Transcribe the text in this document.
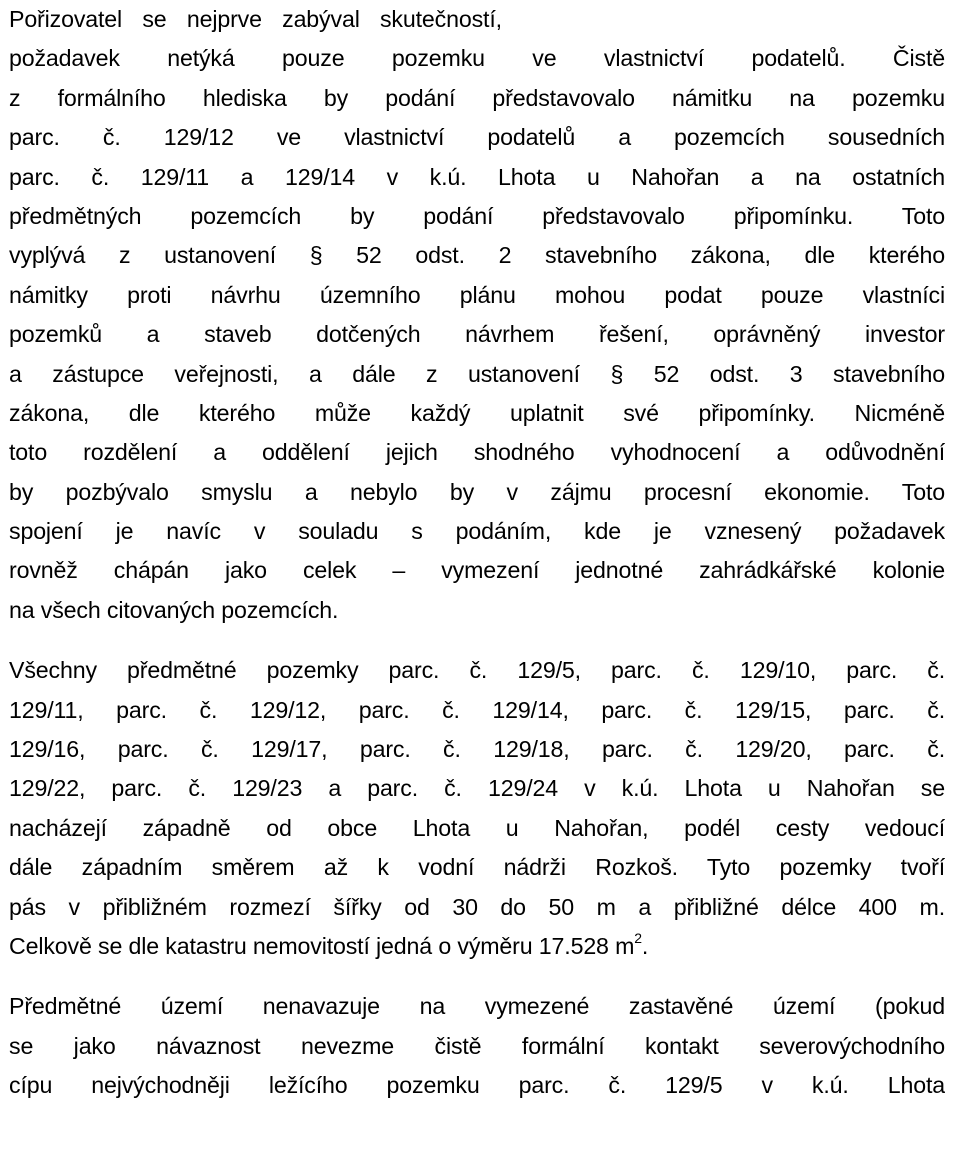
Pořizovatel se nejprve zabýval skutečností,
požadavek netýká pouze pozemku ve vlastnictví podatelů. Čistě
z formálního hlediska by podání představovalo námitku na pozemku
parc. č. 129/12 ve vlastnictví podatelů a pozemcích sousedních
parc. č. 129/11 a 129/14 v k.ú. Lhota u Nahořan a na ostatních
předmětných pozemcích by podání představovalo připomínku. Toto
vyplývá z ustanovení § 52 odst. 2 stavebního zákona, dle kterého
námitky proti návrhu územního plánu mohou podat pouze vlastníci
pozemků a staveb dotčených návrhem řešení, oprávněný investor
a zástupce veřejnosti, a dále z ustanovení § 52 odst. 3 stavebního
zákona, dle kterého může každý uplatnit své připomínky. Nicméně
toto rozdělení a oddělení jejich shodného vyhodnocení a odůvodnění
by pozbývalo smyslu a nebylo by v zájmu procesní ekonomie. Toto
spojení je navíc v souladu s podáním, kde je vznesený požadavek
rovněž chápán jako celek – vymezení jednotné zahrádkářské kolonie
na všech citovaných pozemcích.
Všechny předmětné pozemky parc. č. 129/5, parc. č. 129/10, parc. č.
129/11, parc. č. 129/12, parc. č. 129/14, parc. č. 129/15, parc. č.
129/16, parc. č. 129/17, parc. č. 129/18, parc. č. 129/20, parc. č.
129/22, parc. č. 129/23 a parc. č. 129/24 v k.ú. Lhota u Nahořan se
nacházejí západně od obce Lhota u Nahořan, podél cesty vedoucí
dále západním směrem až k vodní nádrži Rozkoš. Tyto pozemky tvoří
pás v přibližném rozmezí šířky od 30 do 50 m a přibližné délce 400 m.
Celkově se dle katastru nemovitostí jedná o výměru 17.528 $m^2$.
Předmětné území nenavazuje na vymezené zastavěné území (pokud
se jako návaznost nevezme čistě formální kontakt severovýchodního
cípu nejvýchodněji ležícího pozemku parc. č. 129/5 v k.ú. Lhota
